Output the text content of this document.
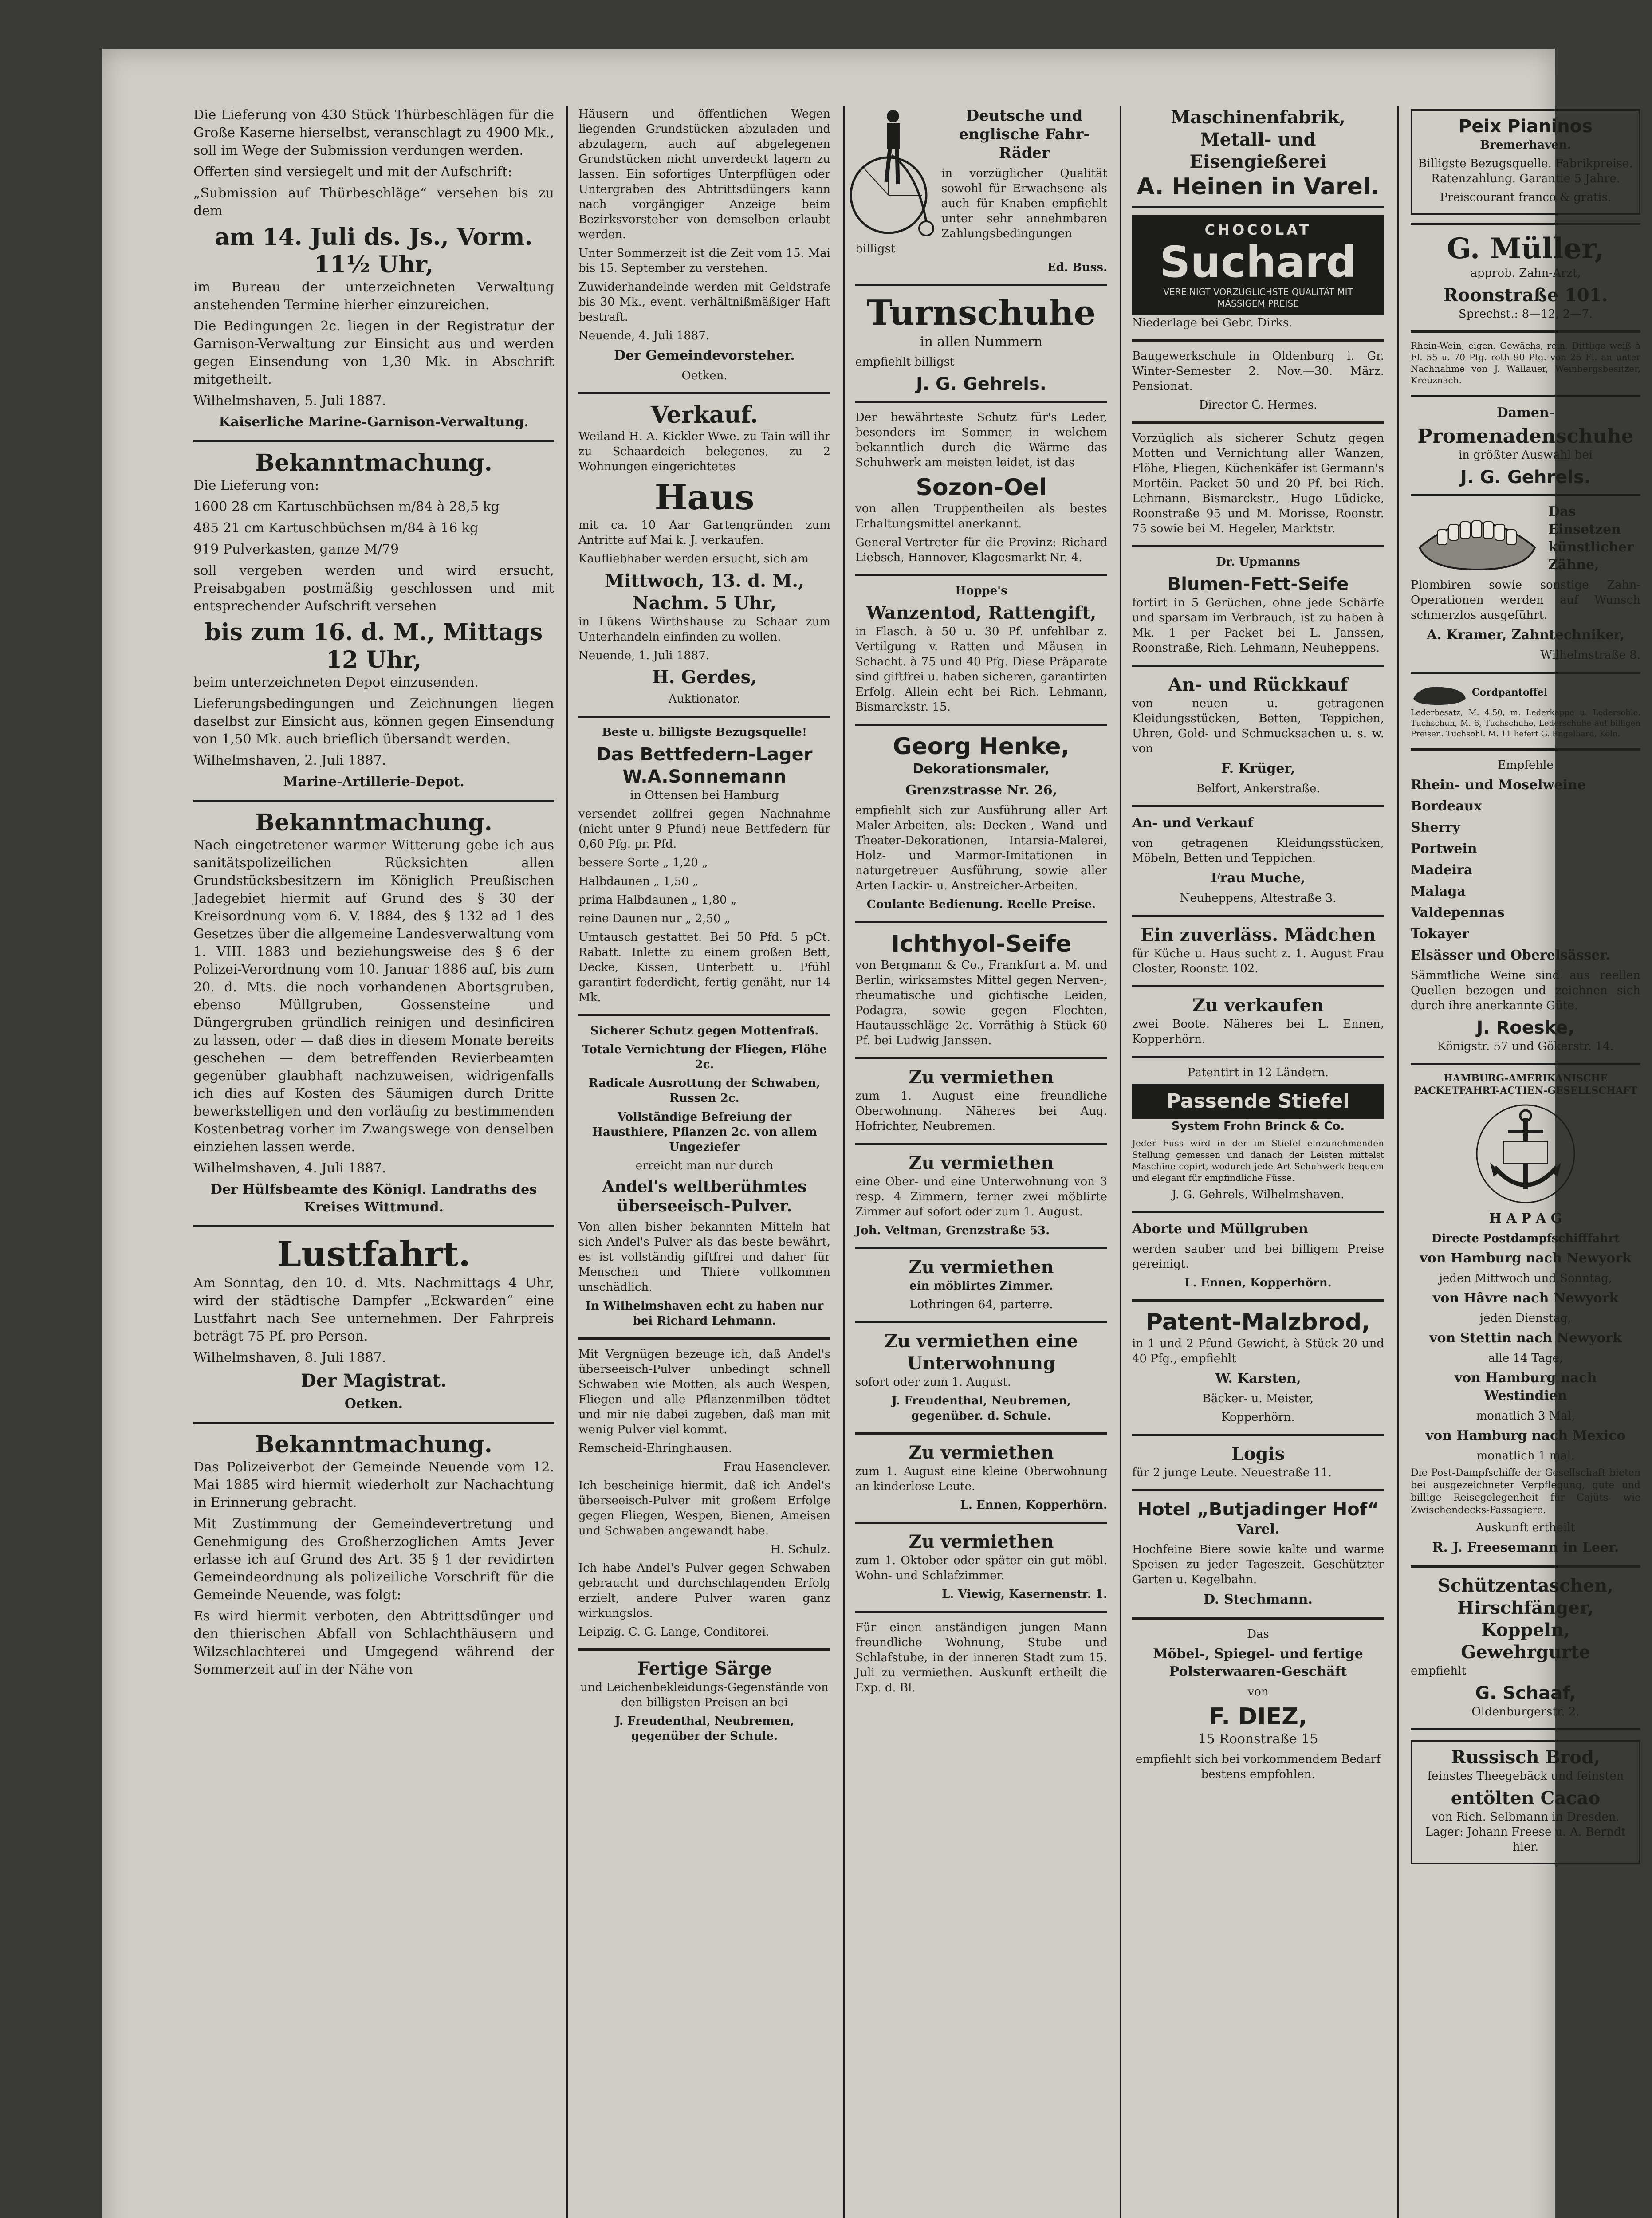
Die Lieferung von 430 Stück Thürbeschlägen für die Große Kaserne hierselbst, veranschlagt zu 4900 Mk., soll im Wege der Submission verdungen werden.

Offerten sind versiegelt und mit der Aufschrift:

„Submission auf Thürbeschläge“ versehen bis zu dem

am 14. Juli ds. Js., Vorm. 11½ Uhr,

im Bureau der unterzeichneten Verwaltung anstehenden Termine hierher einzureichen.

Die Bedingungen 2c. liegen in der Registratur der Garnison-Verwaltung zur Einsicht aus und werden gegen Einsendung von 1,30 Mk. in Abschrift mitgetheilt.

Wilhelmshaven, 5. Juli 1887.

Kaiserliche Marine-Garnison-Verwaltung.

Bekanntmachung.

Die Lieferung von:

1600 28 cm Kartuschbüchsen m/84 à 28,5 kg

485 21 cm Kartuschbüchsen m/84 à 16 kg

919 Pulverkasten, ganze M/79

soll vergeben werden und wird ersucht, Preisabgaben postmäßig geschlossen und mit entsprechender Aufschrift versehen

bis zum 16. d. M., Mittags 12 Uhr,

beim unterzeichneten Depot einzusenden.

Lieferungsbedingungen und Zeichnungen liegen daselbst zur Einsicht aus, können gegen Einsendung von 1,50 Mk. auch brieflich übersandt werden.

Wilhelmshaven, 2. Juli 1887.

Marine-Artillerie-Depot.

Bekanntmachung.

Nach eingetretener warmer Witterung gebe ich aus sanitätspolizeilichen Rücksichten allen Grundstücksbesitzern im Königlich Preußischen Jadegebiet hiermit auf Grund des § 30 der Kreisordnung vom 6. V. 1884, des § 132 ad 1 des Gesetzes über die allgemeine Landesverwaltung vom 1. VIII. 1883 und beziehungsweise des § 6 der Polizei-Verordnung vom 10. Januar 1886 auf, bis zum 20. d. Mts. die noch vorhandenen Abortsgruben, ebenso Müllgruben, Gossensteine und Düngergruben gründlich reinigen und desinficiren zu lassen, oder — daß dies in diesem Monate bereits geschehen — dem betreffenden Revierbeamten gegenüber glaubhaft nachzuweisen, widrigenfalls ich dies auf Kosten des Säumigen durch Dritte bewerkstelligen und den vorläufig zu bestimmenden Kostenbetrag vorher im Zwangswege von denselben einziehen lassen werde.

Wilhelmshaven, 4. Juli 1887.

Der Hülfsbeamte des Königl. Landraths des Kreises Wittmund.

Lustfahrt.

Am Sonntag, den 10. d. Mts. Nachmittags 4 Uhr, wird der städtische Dampfer „Eckwarden“ eine Lustfahrt nach See unternehmen. Der Fahrpreis beträgt 75 Pf. pro Person.

Wilhelmshaven, 8. Juli 1887.

Der Magistrat.

Oetken.

Bekanntmachung.

Das Polizeiverbot der Gemeinde Neuende vom 12. Mai 1885 wird hiermit wiederholt zur Nachachtung in Erinnerung gebracht.

Mit Zustimmung der Gemeindevertretung und Genehmigung des Großherzoglichen Amts Jever erlasse ich auf Grund des Art. 35 § 1 der revidirten Gemeindeordnung als polizeiliche Vorschrift für die Gemeinde Neuende, was folgt:

Es wird hiermit verboten, den Abtrittsdünger und den thierischen Abfall von Schlachthäusern und Wilzschlachterei und Umgegend während der Sommerzeit auf in der Nähe von

Häusern und öffentlichen Wegen liegenden Grundstücken abzuladen und abzulagern, auch auf abgelegenen Grundstücken nicht unverdeckt lagern zu lassen. Ein sofortiges Unterpflügen oder Untergraben des Abtrittsdüngers kann nach vorgängiger Anzeige beim Bezirksvorsteher von demselben erlaubt werden.

Unter Sommerzeit ist die Zeit vom 15. Mai bis 15. September zu verstehen.

Zuwiderhandelnde werden mit Geldstrafe bis 30 Mk., event. verhältnißmäßiger Haft bestraft.

Neuende, 4. Juli 1887.

Der Gemeindevorsteher.

Oetken.

Verkauf.

Weiland H. A. Kickler Wwe. zu Tain will ihr zu Schaardeich belegenes, zu 2 Wohnungen eingerichtetes

Haus

mit ca. 10 Aar Gartengründen zum Antritte auf Mai k. J. verkaufen.

Kaufliebhaber werden ersucht, sich am

Mittwoch, 13. d. M., Nachm. 5 Uhr,

in Lükens Wirthshause zu Schaar zum Unterhandeln einfinden zu wollen.

Neuende, 1. Juli 1887.

H. Gerdes,

Auktionator.

Beste u. billigste Bezugsquelle!

Das Bettfedern-Lager
W.A.Sonnemann

in Ottensen bei Hamburg

versendet zollfrei gegen Nachnahme (nicht unter 9 Pfund) neue Bettfedern für 0,60 Pfg. pr. Pfd.

bessere Sorte „ 1,20 „

Halbdaunen „ 1,50 „

prima Halbdaunen „ 1,80 „

reine Daunen nur „ 2,50 „

Umtausch gestattet. Bei 50 Pfd. 5 pCt. Rabatt. Inlette zu einem großen Bett, Decke, Kissen, Unterbett u. Pfühl garantirt federdicht, fertig genäht, nur 14 Mk.

Sicherer Schutz gegen Mottenfraß.

Totale Vernichtung der Fliegen, Flöhe 2c.

Radicale Ausrottung der Schwaben, Russen 2c.

Vollständige Befreiung der Hausthiere, Pflanzen 2c. von allem Ungeziefer

erreicht man nur durch

Andel's weltberühmtes überseeisch-Pulver.

Von allen bisher bekannten Mitteln hat sich Andel's Pulver als das beste bewährt, es ist vollständig giftfrei und daher für Menschen und Thiere vollkommen unschädlich.

In Wilhelmshaven echt zu haben nur bei Richard Lehmann.

Mit Vergnügen bezeuge ich, daß Andel's überseeisch-Pulver unbedingt schnell Schwaben wie Motten, als auch Wespen, Fliegen und alle Pflanzenmilben tödtet und mir nie dabei zugeben, daß man mit wenig Pulver viel kommt.

Remscheid-Ehringhausen.

Frau Hasenclever.

Ich bescheinige hiermit, daß ich Andel's überseeisch-Pulver mit großem Erfolge gegen Fliegen, Wespen, Bienen, Ameisen und Schwaben angewandt habe.

H. Schulz.

Ich habe Andel's Pulver gegen Schwaben gebraucht und durchschlagenden Erfolg erzielt, andere Pulver waren ganz wirkungslos.

Leipzig. C. G. Lange, Conditorei.

Fertige Särge

und Leichenbekleidungs-Gegenstände von den billigsten Preisen an bei

J. Freudenthal, Neubremen, gegenüber der Schule.

Deutsche und englische Fahr-Räder

in vorzüglicher Qualität sowohl für Erwachsene als auch für Knaben empfiehlt unter sehr annehmbaren Zahlungsbedingungen billigst

Ed. Buss.

Turnschuhe

in allen Nummern

empfiehlt billigst

J. G. Gehrels.

Der bewährteste Schutz für's Leder, besonders im Sommer, in welchem bekanntlich durch die Wärme das Schuhwerk am meisten leidet, ist das

Sozon-Oel

von allen Truppentheilen als bestes Erhaltungsmittel anerkannt.

General-Vertreter für die Provinz: Richard Liebsch, Hannover, Klagesmarkt Nr. 4.

Hoppe's

Wanzentod, Rattengift,

in Flasch. à 50 u. 30 Pf. unfehlbar z. Vertilgung v. Ratten und Mäusen in Schacht. à 75 und 40 Pfg. Diese Präparate sind giftfrei u. haben sicheren, garantirten Erfolg. Allein echt bei Rich. Lehmann, Bismarckstr. 15.

Georg Henke,

Dekorationsmaler,

Grenzstrasse Nr. 26,

empfiehlt sich zur Ausführung aller Art Maler-Arbeiten, als: Decken-, Wand- und Theater-Dekorationen, Intarsia-Malerei, Holz- und Marmor-Imitationen in naturgetreuer Ausführung, sowie aller Arten Lackir- u. Anstreicher-Arbeiten.

Coulante Bedienung. Reelle Preise.

Ichthyol-Seife

von Bergmann & Co., Frankfurt a. M. und Berlin, wirksamstes Mittel gegen Nerven-, rheumatische und gichtische Leiden, Podagra, sowie gegen Flechten, Hautausschläge 2c. Vorräthig à Stück 60 Pf. bei Ludwig Janssen.

Zu vermiethen

zum 1. August eine freundliche Oberwohnung. Näheres bei Aug. Hofrichter, Neubremen.

Zu vermiethen

eine Ober- und eine Unterwohnung von 3 resp. 4 Zimmern, ferner zwei möblirte Zimmer auf sofort oder zum 1. August.

Joh. Veltman, Grenzstraße 53.

Zu vermiethen

ein möblirtes Zimmer.

Lothringen 64, parterre.

Zu vermiethen eine Unterwohnung

sofort oder zum 1. August.

J. Freudenthal, Neubremen, gegenüber. d. Schule.

Zu vermiethen

zum 1. August eine kleine Oberwohnung an kinderlose Leute.

L. Ennen, Kopperhörn.

Zu vermiethen

zum 1. Oktober oder später ein gut möbl. Wohn- und Schlafzimmer.

L. Viewig, Kasernenstr. 1.

Für einen anständigen jungen Mann freundliche Wohnung, Stube und Schlafstube, in der inneren Stadt zum 15. Juli zu vermiethen. Auskunft ertheilt die Exp. d. Bl.

Maschinenfabrik, Metall- und Eisengießerei
A. Heinen in Varel.
CHOCOLAT
Suchard
VEREINIGT VORZÜGLICHSTE QUALITÄT MIT MÄSSIGEM PREISE

Niederlage bei Gebr. Dirks.

Baugewerkschule in Oldenburg i. Gr. Winter-Semester 2. Nov.—30. März. Pensionat.

Director G. Hermes.

Vorzüglich als sicherer Schutz gegen Motten und Vernichtung aller Wanzen, Flöhe, Fliegen, Küchenkäfer ist Germann's Mortëin. Packet 50 und 20 Pf. bei Rich. Lehmann, Bismarckstr., Hugo Lüdicke, Roonstraße 95 und M. Morisse, Roonstr. 75 sowie bei M. Hegeler, Marktstr.

Dr. Upmanns

Blumen-Fett-Seife

fortirt in 5 Gerüchen, ohne jede Schärfe und sparsam im Verbrauch, ist zu haben à Mk. 1 per Packet bei L. Janssen, Roonstraße, Rich. Lehmann, Neuheppens.

An- und Rückkauf

von neuen u. getragenen Kleidungsstücken, Betten, Teppichen, Uhren, Gold- und Schmucksachen u. s. w. von

F. Krüger,

Belfort, Ankerstraße.

An- und Verkauf

von getragenen Kleidungsstücken, Möbeln, Betten und Teppichen.

Frau Muche,

Neuheppens, Altestraße 3.

Ein zuverläss. Mädchen

für Küche u. Haus sucht z. 1. August Frau Closter, Roonstr. 102.

Zu verkaufen

zwei Boote. Näheres bei L. Ennen, Kopperhörn.

Patentirt in 12 Ländern.

Passende Stiefel

System Frohn Brinck & Co.

Jeder Fuss wird in der im Stiefel einzunehmenden Stellung gemessen und danach der Leisten mittelst Maschine copirt, wodurch jede Art Schuhwerk bequem und elegant für empfindliche Füsse.

J. G. Gehrels, Wilhelmshaven.

Aborte und Müllgruben

werden sauber und bei billigem Preise gereinigt.

L. Ennen, Kopperhörn.

Patent-Malzbrod,

in 1 und 2 Pfund Gewicht, à Stück 20 und 40 Pfg., empfiehlt

W. Karsten,

Bäcker- u. Meister,

Kopperhörn.

Logis

für 2 junge Leute. Neuestraße 11.

Hotel „Butjadinger Hof“

Varel.

Hochfeine Biere sowie kalte und warme Speisen zu jeder Tageszeit. Geschützter Garten u. Kegelbahn.

D. Stechmann.

Das

Möbel-, Spiegel- und fertige Polsterwaaren-Geschäft

von

F. DIEZ,

15 Roonstraße 15

empfiehlt sich bei vorkommendem Bedarf bestens empfohlen.

Peix Pianinos

Bremerhaven.

Billigste Bezugsquelle. Fabrikpreise. Ratenzahlung. Garantie 5 Jahre.

Preiscourant franco & gratis.

G. Müller,

approb. Zahn-Arzt,

Roonstraße 101.

Sprechst.: 8—12, 2—7.

Rhein-Wein, eigen. Gewächs, rein. Dittlige weiß à Fl. 55 u. 70 Pfg. roth 90 Pfg. von 25 Fl. an unter Nachnahme von J. Wallauer, Weinbergsbesitzer, Kreuznach.

Damen-

Promenadenschuhe

in größter Auswahl bei

J. G. Gehrels.

Das Einsetzen künstlicher Zähne,

Plombiren sowie sonstige Zahn-Operationen werden auf Wunsch schmerzlos ausgeführt.

A. Kramer, Zahntechniker,

Wilhelmstraße 8.

Cordpantoffel

Lederbesatz, M. 4,50, m. Lederkappe u. Ledersohle. Tuchschuh, M. 6, Tuchschuhe, Lederschuhe auf billigen Preisen. Tuchsohl. M. 11 liefert G. Engelhard, Köln.

Empfehle

Rhein- und Moselweine

Bordeaux

Sherry

Portwein

Madeira

Malaga

Valdepennas

Tokayer

Elsässer und Oberelsässer.

Sämmtliche Weine sind aus reellen Quellen bezogen und zeichnen sich durch ihre anerkannte Güte.

J. Roeske,

Königstr. 57 und Gökerstr. 14.

HAMBURG-AMERIKANISCHE PACKETFAHRT-ACTIEN-GESELLSCHAFT

H A P A G

Directe Postdampfschifffahrt

von Hamburg nach Newyork

jeden Mittwoch und Sonntag,

von Hâvre nach Newyork

jeden Dienstag,

von Stettin nach Newyork

alle 14 Tage,

von Hamburg nach Westindien

monatlich 3 Mal,

von Hamburg nach Mexico

monatlich 1 mal.

Die Post-Dampfschiffe der Gesellschaft bieten bei ausgezeichneter Verpflegung, gute und billige Reisegelegenheit für Cajüts- wie Zwischendecks-Passagiere.

Auskunft ertheilt

R. J. Freesemann in Leer.

Schützentaschen,
Hirschfänger,
Koppeln,
Gewehrgurte

empfiehlt

G. Schaaf,

Oldenburgerstr. 2.

Russisch Brod,

feinstes Theegebäck und feinsten

entölten Cacao

von Rich. Selbmann in Dresden. Lager: Johann Freese u. A. Berndt hier.
